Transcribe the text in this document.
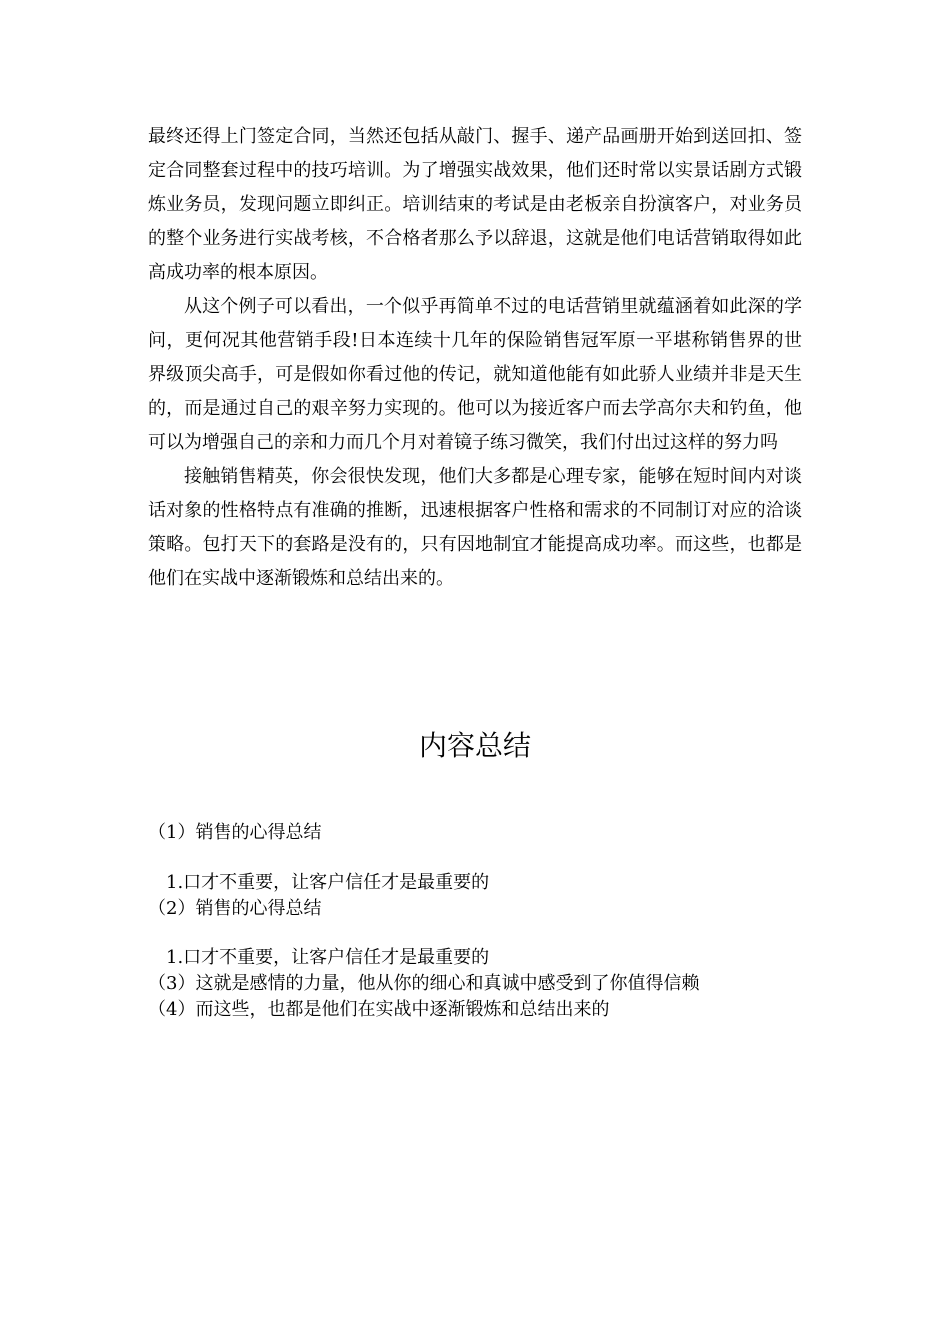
最终还得上门签定合同，当然还包括从敲门、握手、递产品画册开始到送回扣、签定合同整套过程中的技巧培训。为了增强实战效果，他们还时常以实景话剧方式锻炼业务员，发现问题立即纠正。培训结束的考试是由老板亲自扮演客户，对业务员的整个业务进行实战考核，不合格者那么予以辞退，这就是他们电话营销取得如此高成功率的根本原因。

从这个例子可以看出，一个似乎再简单不过的电话营销里就蕴涵着如此深的学问，更何况其他营销手段!日本连续十几年的保险销售冠军原一平堪称销售界的世界级顶尖高手，可是假如你看过他的传记，就知道他能有如此骄人业绩并非是天生的，而是通过自己的艰辛努力实现的。他可以为接近客户而去学高尔夫和钓鱼，他可以为增强自己的亲和力而几个月对着镜子练习微笑，我们付出过这样的努力吗

接触销售精英，你会很快发现，他们大多都是心理专家，能够在短时间内对谈话对象的性格特点有准确的推断，迅速根据客户性格和需求的不同制订对应的洽谈策略。包打天下的套路是没有的，只有因地制宜才能提高成功率。而这些，也都是他们在实战中逐渐锻炼和总结出来的。

内容总结
（1）销售的心得总结
1.口才不重要，让客户信任才是最重要的
（2）销售的心得总结
1.口才不重要，让客户信任才是最重要的
（3）这就是感情的力量，他从你的细心和真诚中感受到了你值得信赖
（4）而这些，也都是他们在实战中逐渐锻炼和总结出来的
